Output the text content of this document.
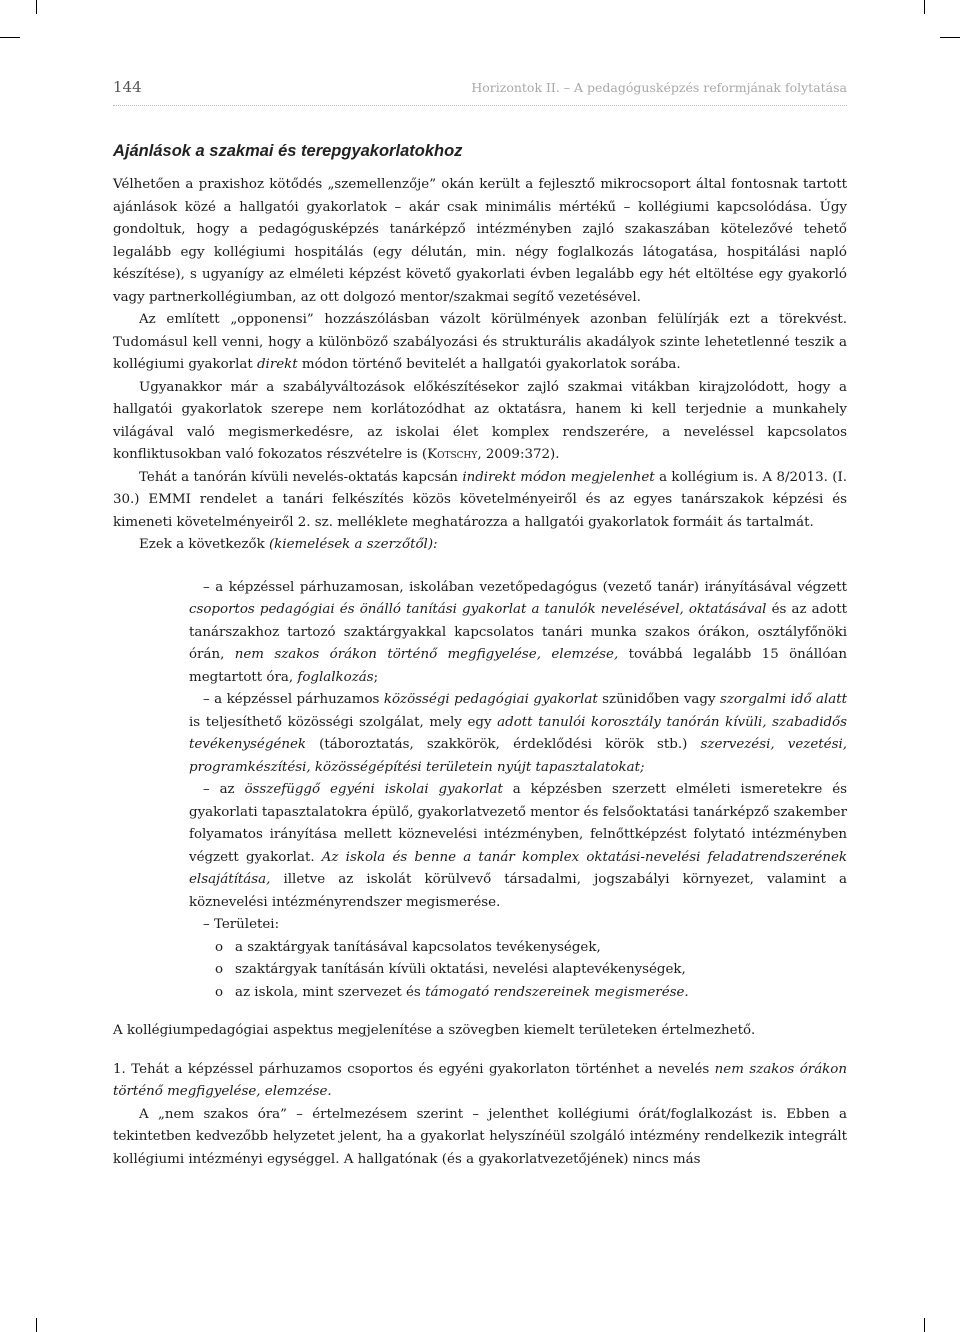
144	Horizontok II. – A pedagógusképzés reformjának folytatása
Ajánlások a szakmai és terepgyakorlatokhoz

Vélhetően a praxishoz kötődés „szemellenzője” okán került a fejlesztő mikrocsoport által fontosnak tartott ajánlások közé a hallgatói gyakorlatok – akár csak minimális mértékű – kollégiumi kapcsolódása. Úgy gondoltuk, hogy a pedagógusképzés tanárképző intézményben zajló szakaszában kötelezővé tehető legalább egy kollégiumi hospitálás (egy délután, min. négy foglalkozás látogatása, hospitálási napló készítése), s ugyanígy az elméleti képzést követő gyakorlati évben legalább egy hét eltöltése egy gyakorló vagy partnerkollégiumban, az ott dolgozó mentor/szakmai segítő vezetésével.

Az említett „opponensi” hozzászólásban vázolt körülmények azonban felülírják ezt a törekvést. Tudomásul kell venni, hogy a különböző szabályozási és strukturális akadályok szinte lehetetlenné teszik a kollégiumi gyakorlat direkt módon történő bevitelét a hallgatói gyakorlatok sorába.

Ugyanakkor már a szabályváltozások előkészítésekor zajló szakmai vitákban kirajzolódott, hogy a hallgatói gyakorlatok szerepe nem korlátozódhat az oktatásra, hanem ki kell terjednie a munkahely világával való megismerkedésre, az iskolai élet komplex rendszerére, a neveléssel kapcsolatos konfliktusokban való fokozatos részvételre is (Kotschy, 2009:372).

Tehát a tanórán kívüli nevelés-oktatás kapcsán indirekt módon megjelenhet a kollégium is. A 8/2013. (I. 30.) EMMI rendelet a tanári felkészítés közös követelményeiről és az egyes tanárszakok képzési és kimeneti követelményeiről 2. sz. melléklete meghatározza a hallgatói gyakorlatok formáit ás tartalmát.

Ezek a következők (kiemelések a szerzőtől):

– a képzéssel párhuzamosan, iskolában vezetőpedagógus (vezető tanár) irányításával végzett csoportos pedagógiai és önálló tanítási gyakorlat a tanulók nevelésével, oktatásával és az adott tanárszakhoz tartozó szaktárgyakkal kapcsolatos tanári munka szakos órákon, osztályfőnöki órán, nem szakos órákon történő megfigyelése, elemzése, továbbá legalább 15 önállóan megtartott óra, foglalkozás;

– a képzéssel párhuzamos közösségi pedagógiai gyakorlat szünidőben vagy szorgalmi idő alatt is teljesíthető közösségi szolgálat, mely egy adott tanulói korosztály tanórán kívüli, szabadidős tevékenységének (táboroztatás, szakkörök, érdeklődési körök stb.) szervezési, vezetési, programkészítési, közösségépítési területein nyújt tapasztalatokat;

– az összefüggő egyéni iskolai gyakorlat a képzésben szerzett elméleti ismeretekre és gyakorlati tapasztalatokra épülő, gyakorlatvezető mentor és felsőoktatási tanárképző szakember folyamatos irányítása mellett köznevelési intézményben, felnőttképzést folytató intézményben végzett gyakorlat. Az iskola és benne a tanár komplex oktatási-nevelési feladatrendszerének elsajátítása, illetve az iskolát körülvevő társadalmi, jogszabályi környezet, valamint a köznevelési intézményrendszer megismerése.

– Területei:

o a szaktárgyak tanításával kapcsolatos tevékenységek,
o szaktárgyak tanításán kívüli oktatási, nevelési alaptevékenységek,
o az iskola, mint szervezet és támogató rendszereinek megismerése.

A kollégiumpedagógiai aspektus megjelenítése a szövegben kiemelt területeken értelmezhető.

1. Tehát a képzéssel párhuzamos csoportos és egyéni gyakorlaton történhet a nevelés nem szakos órákon történő megfigyelése, elemzése.

A „nem szakos óra” – értelmezésem szerint – jelenthet kollégiumi órát/foglalkozást is. Ebben a tekintetben kedvezőbb helyzetet jelent, ha a gyakorlat helyszínéül szolgáló intézmény rendelkezik integrált kollégiumi intézményi egységgel. A hallgatónak (és a gyakorlatvezetőjének) nincs más
